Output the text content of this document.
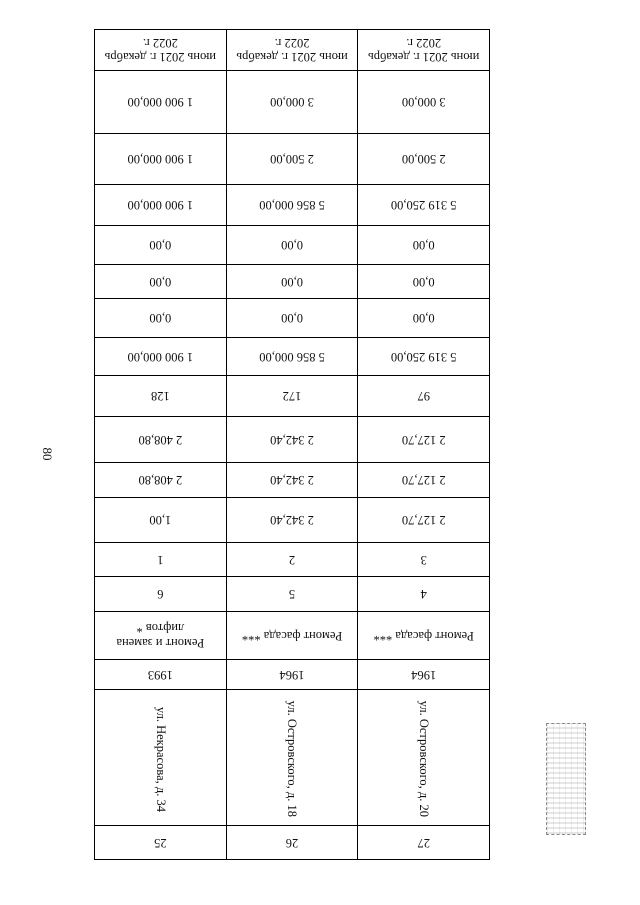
80
27	26	25
ул. Островского, д. 20	ул. Островского, д. 18	ул. Некрасова, д. 34
1964	1964	1993
Ремонт фасада ***	Ремонт фасада ***	Ремонт и замена лифтов *
4	5	6
3	2	1
2 127,70	2 342,40	1,00
2 127,70	2 342,40	2 408,80
2 127,70	2 342,40	2 408,80
97	172	128
5 319 250,00	5 856 000,00	1 900 000,00
0,00	0,00	0,00
0,00	0,00	0,00
0,00	0,00	0,00
5 319 250,00	5 856 000,00	1 900 000,00
2 500,00	2 500,00	1 900 000,00
3 000,00	3 000,00	1 900 000,00
июнь 2021 г. декабрь 2022 г.	июнь 2021 г. декабрь 2022 г.	июнь 2021 г. декабрь 2022 г.
